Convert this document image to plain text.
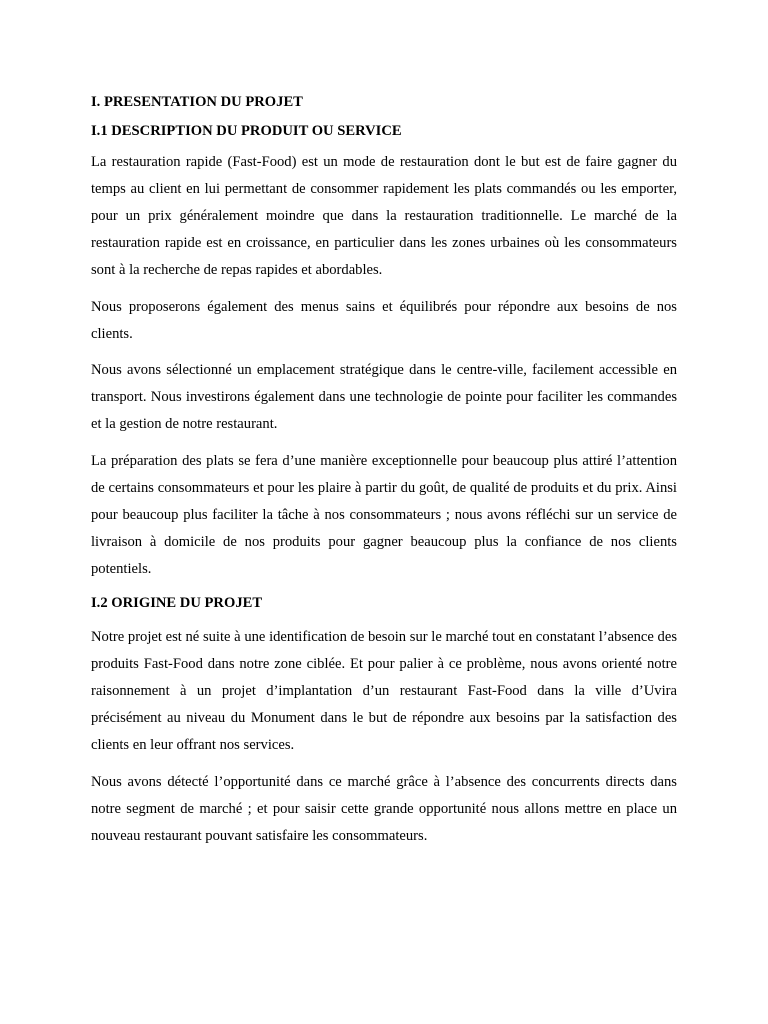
I. PRESENTATION DU PROJET
I.1 DESCRIPTION DU PRODUIT OU SERVICE

La restauration rapide (Fast-Food) est un mode de restauration dont le but est de faire gagner du temps au client en lui permettant de consommer rapidement les plats commandés ou les emporter, pour un prix généralement moindre que dans la restauration traditionnelle. Le marché de la restauration rapide est en croissance, en particulier dans les zones urbaines où les consommateurs sont à la recherche de repas rapides et abordables.

Nous proposerons également des menus sains et équilibrés pour répondre aux besoins de nos clients.

Nous avons sélectionné un emplacement stratégique dans le centre-ville, facilement accessible en transport. Nous investirons également dans une technologie de pointe pour faciliter les commandes et la gestion de notre restaurant.

La préparation des plats se fera d’une manière exceptionnelle pour beaucoup plus attiré l’attention de certains consommateurs et pour les plaire à partir du goût, de qualité de produits et du prix. Ainsi pour beaucoup plus faciliter la tâche à nos consommateurs ; nous avons réfléchi sur un service de livraison à domicile de nos produits pour gagner beaucoup plus la confiance de nos clients potentiels.

I.2 ORIGINE DU PROJET

Notre projet est né suite à une identification de besoin sur le marché tout en constatant l’absence des produits Fast-Food dans notre zone ciblée. Et pour palier à ce problème, nous avons orienté notre raisonnement à un projet d’implantation d’un restaurant Fast-Food dans la ville d’Uvira précisément au niveau du Monument dans le but de répondre aux besoins par la satisfaction des clients en leur offrant nos services.

Nous avons détecté l’opportunité dans ce marché grâce à l’absence des concurrents directs dans notre segment de marché ; et pour saisir cette grande opportunité nous allons mettre en place un nouveau restaurant pouvant satisfaire les consommateurs.
